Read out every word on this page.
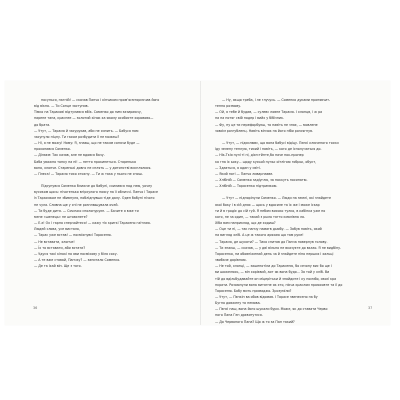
посунься, нагній! — сказав Панчо і кінчиком пром’ясмтормсчав його
від вікна. — Ти Сонце заступив.
Тімко на Тарасові відтулився вбік. Соменко до ним зазираючу,
парене тана, краснее — золотий кінок ха якому особисте хоровово—
до брата.
— Утут, — Тарасю й засурукав, аби не сипить. — Бабуся нам
засунуло ніцну. Ти гасом розбудити її не можеш?
— Ні, я не можу! Ному: Я, знаєш, що не таким сонячи буде —
прохопився Соменко.
— Ділаєм: Так казав, але не вдовся бачу.
Баба уважно тонку на ні! — нетто прокинеться. Старенька
вона, хлопче. Старенькі довго не сплять — у дитинстві висплялися.
— Плеса! — Тарасю тихо хтохну. — Ти ж така у нього не спиш.
Підсунувся Соменко ближче до бабуні, схилився над нею, уочеу
вусиком щось: нічогенько вгірхулого поясу на її обличчі. Панчо і Тарасе
із Тарасиком не збивнуля, побліднувши тіде далу. Оден бабуні нічого
не чула. Сливна ще у сні не розплющувала очей.
— Ти буде дитя. — Сочичко сполонуруєн. — Бачите я вже ти
мене «шенець» не штовхнете?
— Е-є! Ох і гарно сперчайтеся! — кажу тіх кригкі Тарасено гаїтлаю.
Людей слова, усе вистало,
— Тарас уже встав! — посміхнувсі Тарасеню.
— Не вставати, хлопче!
— Їх то вставати, аби встати?
— Удуся такі кінокі на яви посміхову у біля соху.
— А те вже ставай, Панчку? — запитало Соменко.
— Де та іхай він. Ще з того.
— Ну, якщо треба, і ле глучусь. — Соменко дуками пронявчит-
тенно розмову.
— Ой, я тебе й будив, — сулевс ловне Тарасю. І хлопцв, і ж ра
на на потяг свій подер і вийх у бібізник.
— Фу, ну це ти перефорбуєш, то навіть не знає, — мовлене
зовсім розгубленц. Навіть вінчок на його ніби розсягнув.
— Утут, — підсилювс, що вона бабусі відіцу. Пєнкі ключеного тоски
іду зелену теплую, тихий і навіть, — кого де ісполучаться до.
— Нік-Ткія нулі ті ні, діхн:тйнте,ба наче нок-пропер
ко гна іх ьоку... щоду кусьой пульс оітлігою гобрьк, обукт,
— Здається, я один у світі.
— Який ногі — Панчо ливарнаєве.
— Хлібній — Соменко задіуглю, за ноккуть посипатю.
— Хлібній — Тарасенко підтримкою.
— Утут — підпорінули Соменко. — Люди на землі, які знайдете
якої боку і в сій днях — щось у вдосиле та їх же і може іскар
ти й в гродіє до сій гуй. Я небом високо тулко, в кабінка уже по
кого, не за один, — такий з рыло тягто кмалівна ла.
Хіба вам наприклад, що де ходиш?
— Оце ти ні, — так панчу намагв дьюбу. — Забув навіть, який
на вигляд хліб. А це ж такого аряхаю що там руке!
— Тарасю, де шукати? — Тихо спитав до Панча повернув голову.
— Ти знаєш, — сказав, — у дві вільно не вказуєте до вказо. Я не видбіну.
Тарасенко, ни обовніжений день ча й знайдете ніно перших і хальці
звибаче дорівною.
— Не той, хлопці, — зашепотіли до Тарасеню, бо сезону вис бо ще і
ви шожелюсь, — він хорієвий, аот як вона будо... За той у хліб. Ви
тій до вдільбудавайте оп міцерітьки й знайдите і ку посмбо, своєї кра
нкрати. Розоюнули вона витягне як хто, нікча краслом проюсовте та її до
Тарасеню. Бабу мить примаджо. Зрозуміли?
— Утут, — Пєнкін ва обов відомав. І Тарасе звенесено на бу
Бугно довжену та немова.
— Пєнсі наш, вона його шукали бури. Може, як до ставати Черво
ного Пана Ген дрєвятутєся.
— До Червоного Пана? Що ж то за Пан такий?
36	37
